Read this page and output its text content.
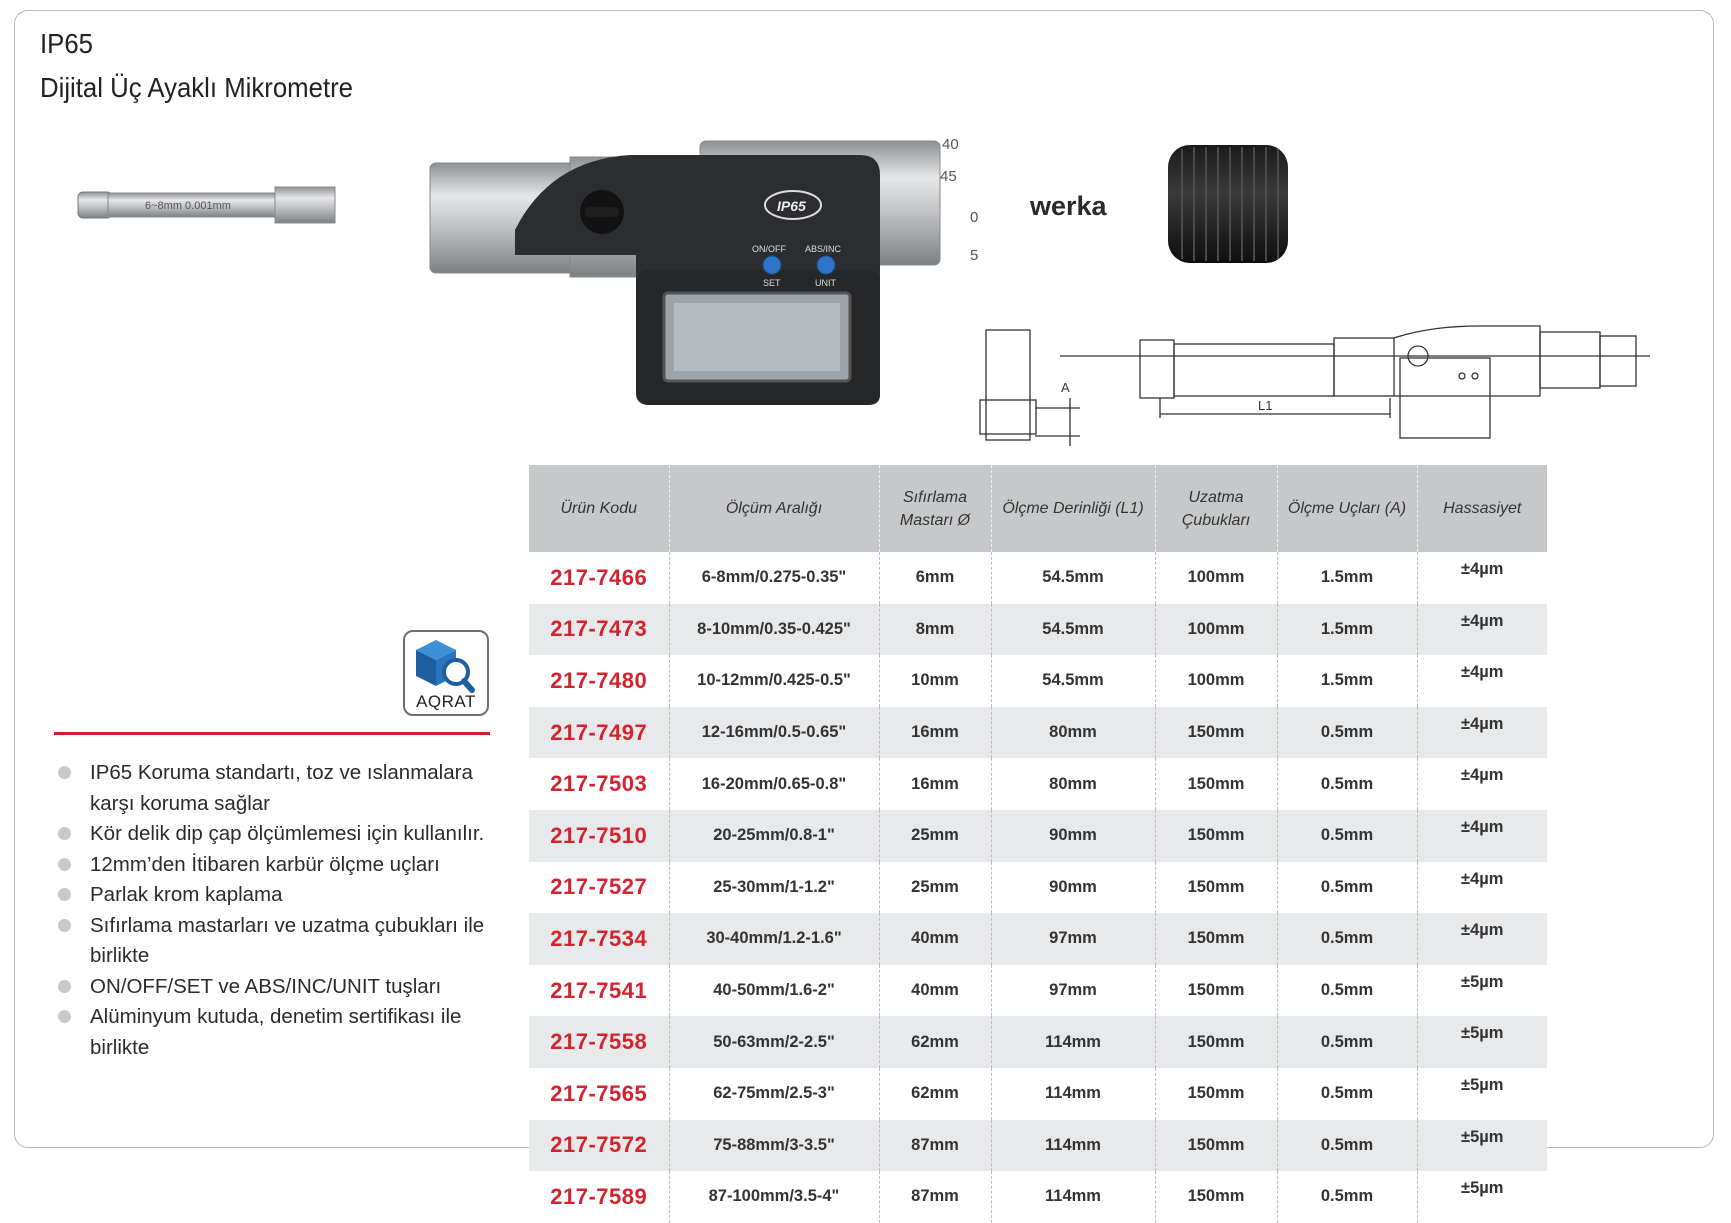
IP65
Dijital Üç Ayaklı Mikrometre
6~8mm 0.001mm
40
45
0
5
werka
IP65
ON/OFF
SET
ABS/INC
UNIT
A
L1
AQRAT
IP65 Koruma standartı, toz ve ıslanmalara karşı koruma sağlar
Kör delik dip çap ölçümlemesi için kullanılır.
12mm’den İtibaren karbür ölçme uçları
Parlak krom kaplama
Sıfırlama mastarları ve uzatma çubukları ile birlikte
ON/OFF/SET ve ABS/INC/UNIT tuşları
Alüminyum kutuda, denetim sertifikası ile birlikte
Ürün Kodu	Ölçüm Aralığı	Sıfırlama Mastarı Ø	Ölçme Derinliği (L1)	Uzatma Çubukları	Ölçme Uçları (A)	Hassasiyet
217-7466	6-8mm/0.275-0.35"	6mm	54.5mm	100mm	1.5mm	±4µm
217-7473	8-10mm/0.35-0.425"	8mm	54.5mm	100mm	1.5mm	±4µm
217-7480	10-12mm/0.425-0.5"	10mm	54.5mm	100mm	1.5mm	±4µm
217-7497	12-16mm/0.5-0.65"	16mm	80mm	150mm	0.5mm	±4µm
217-7503	16-20mm/0.65-0.8"	16mm	80mm	150mm	0.5mm	±4µm
217-7510	20-25mm/0.8-1"	25mm	90mm	150mm	0.5mm	±4µm
217-7527	25-30mm/1-1.2"	25mm	90mm	150mm	0.5mm	±4µm
217-7534	30-40mm/1.2-1.6"	40mm	97mm	150mm	0.5mm	±4µm
217-7541	40-50mm/1.6-2"	40mm	97mm	150mm	0.5mm	±5µm
217-7558	50-63mm/2-2.5"	62mm	114mm	150mm	0.5mm	±5µm
217-7565	62-75mm/2.5-3"	62mm	114mm	150mm	0.5mm	±5µm
217-7572	75-88mm/3-3.5"	87mm	114mm	150mm	0.5mm	±5µm
217-7589	87-100mm/3.5-4"	87mm	114mm	150mm	0.5mm	±5µm
